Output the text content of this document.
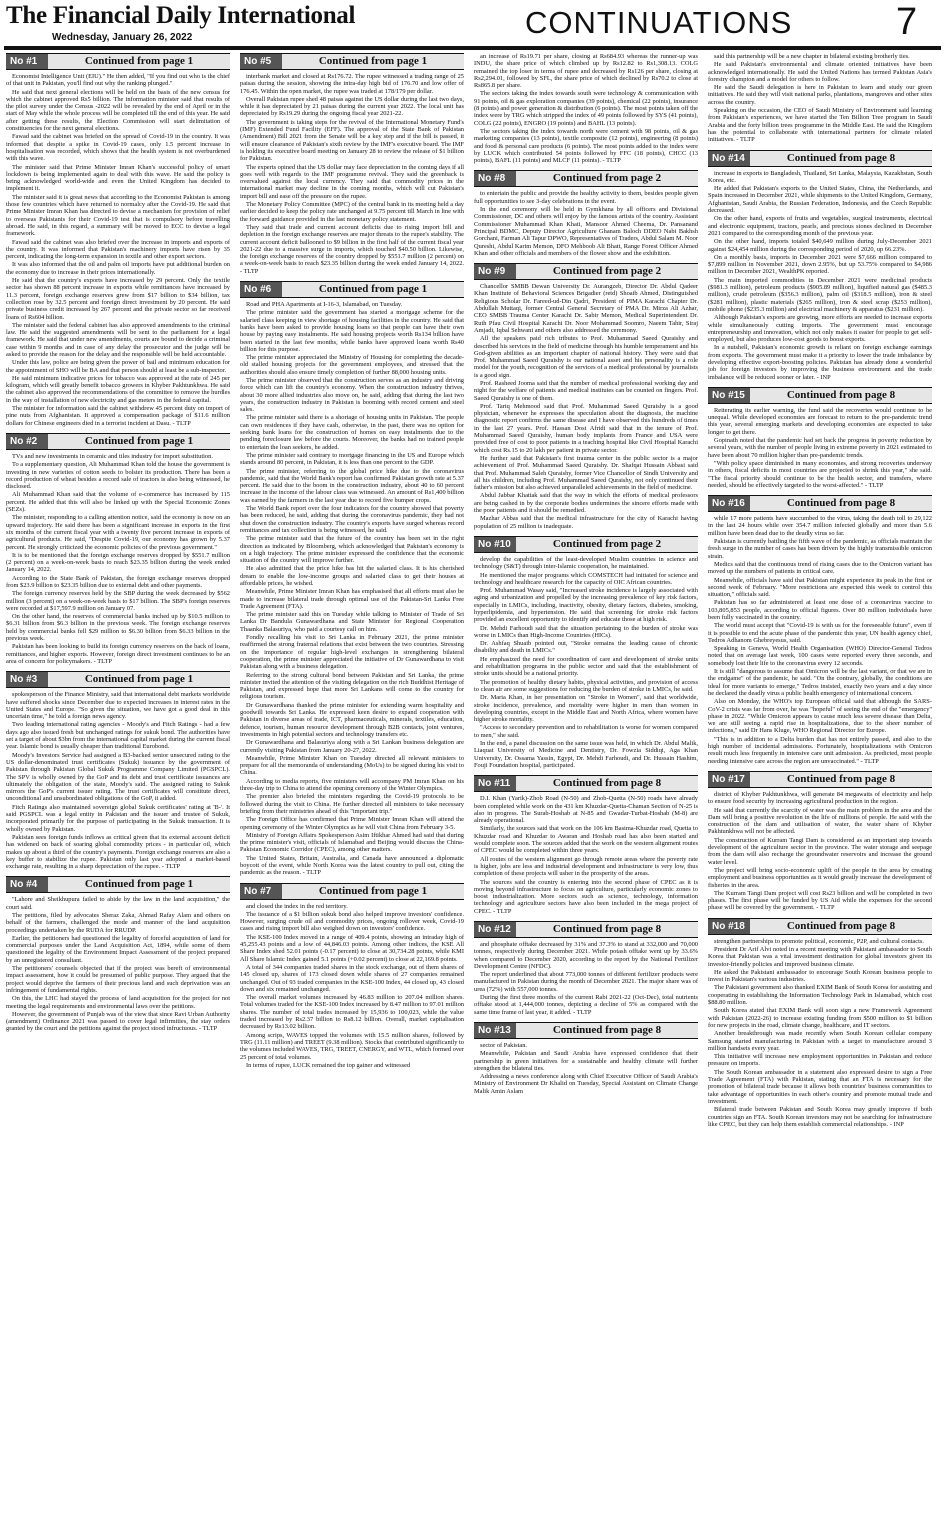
The Financial Daily International
Wednesday, January 26, 2022	CONTINUATIONS	7
No #1	Continued from page 1

Economist Intelligence Unit (EIU)." He then added, "If you find out who is the chief of that unit in Pakistan, you'll find out why the ranking plunged."

He said that next general elections will be held on the basis of the new census for which the cabinet approved Rs5 billion. The information minister said that results of the pilot survey under the Census -2022 will be revealed by the end of April or in the start of May while the whole process will be completed till the end of this year. He said after getting these results, the Election Commission will start delimitation of constituencies for the next general elections.

Fawad said the cabinet was briefed on the spread of Covid-19 in the country. It was informed that despite a spike in Covid-19 cases, only 1.5 percent increase in hospitalisation was recorded, which shows that the health system is not overburdened with this wave.

The minister said that Prime Minister Imran Khan's successful policy of smart lockdown is being implemented again to deal with this wave. He said the policy is being acknowledged world-wide and even the United Kingdom has decided to implement it.

The minister said it is great news that according to the Economist Pakistan is among those few countries which have returned to normalcy after the Covid-19. He said that Prime Minister Imran Khan has directed to devise a mechanism for provision of relief to overseas Pakistanis for their Covid-19 test that is compulsory before travelling abroad. He said, in this regard, a summary will be moved to ECC to devise a legal framework.

Fawad said the cabinet was also briefed over the increase in imports and exports of the country. It was informed that Pakistan's machinery imports have risen by 35 percent, indicating the long-term expansion in textile and other export sectors.

It was also informed that the oil and palm oil imports have put additional burden on the economy due to increase in their prices internationally.

He said that the country's exports have increased by 29 percent. Only the textile sector has shown 88 percent increase in exports while remittances have increased by 11.3 percent, foreign exchange reserves grew from $17 billion to $34 billion, tax collection rose by 32.5 percent and foreign direct investment by 20 percent. He said private business credit increased by 267 percent and the private sector so far received loans of Rs604 billion.

The minister said the federal cabinet has also approved amendments to the criminal law. He said the suggested amendments will be sent to the parliament for a legal framework. He said that under new amendments, courts are bound to decide a criminal case within 9 months and in case of any delay the prosecutor and the judge will be asked to provide the reason for the delay and the responsible will be held accountable.

Under this law, police are being given the power of bail and minimum education for the appointment of SHO will be BA and that person should at least be a sub-inspector.

He said minimum indicative prices for tobacco was approved at the rate of 245 per kilogram, which will greatly benefit tobacco growers in Khyber Pakhtunkhwa. He said the cabinet also approved the recommendations of the committee to remove the hurdles in the way of installation of new electricity and gas meters in the federal capital.

The minister for information said the cabinet withdrew 45 percent duty on import of pine nuts from Afghanistan. It approved a compensation package of $11.6 million dollars for Chinese engineers died in a terrorist incident at Dasu. - TLTP

No #2	Continued from page 1

TVs and new investments in ceramic and tiles industry for import substitution.

To a supplementary question, Ali Muhammad Khan told the house the government is investing in new varieties of cotton seeds to bolster its production. There has been a record production of wheat besides a record sale of tractors is also being witnessed, he disclosed.

Ali Muhammad Khan said that the volume of e-commerce has increased by 115 percent. He added that this will also be linked up with the Special Economic Zones (SEZs).

The minister, responding to a calling attention notice, said the economy is now on an upward trajectory. He said there has been a significant increase in exports in the first six months of the current fiscal year with a twenty five percent increase in exports of agricultural products. He said, "Despite Covid-19, our economy has grown by 5.37 percent. He strongly criticized the economic policies of the previous government."

It is to be mentioned that the foreign exchange reserves dropped by $551.7 million (2 percent) on a week-on-week basis to reach $23.35 billion during the week ended January 14, 2022.

According to the State Bank of Pakistan, the foreign exchange reserves dropped from $23.9 billion to $23.35 billion due to external debt and other payments.

The foreign currency reserves held by the SBP during the week decreased by $562 million (3 percent) on a week-on-week basis to $17 billion. The SBP's foreign reserves were recorded at $17,597.9 million on January 07.

On the other hand, the reserves of commercial banks inched up by $10.5 million to $6.31 billion from $6.3 billion in the previous week. The foreign exchange reserves held by commercial banks fell $29 million to $6.30 billion from $6.33 billion in the previous week.

Pakistan has been looking to build its foreign currency reserves on the back of loans, remittances, and higher exports. However, foreign direct investment continues to be an area of concern for policymakers. - TLTP

No #3	Continued from page 1

spokesperson of the Finance Ministry, said that international debt markets worldwide have suffered shocks since December due to expected increases in interest rates in the United States and Europe. "So given the situation, we have got a good deal in this uncertain time," he told a foreign news agency.

Two leading international rating agencies - Moody's and Fitch Ratings - had a few days ago also issued fresh but unchanged ratings for sukuk bond. The authorities have set a target of about $3bn from the international capital market during the current fiscal year. Islamic bond is usually cheaper than traditional Eurobond.

Moody's Investors Service had assigned a B3-backed senior unsecured rating to the US dollar-denominated trust certificates (Sukuk) issuance by the government of Pakistan through Pakistan Global Sukuk Programme Company Limited (PGSPCL). The SPV is wholly owned by the GoP and its debt and trust certificate issuances are ultimately the obligation of the state, Moody's said. The assigned rating to Sukuk mirrors the GoP's current issuer rating. The trust certificates will constitute direct, unconditional and unsubordinated obligations of the GoP, it added.

Fitch Ratings also maintained sovereign global Sukuk certificates' rating at 'B-'. It said PGSPCL was a legal entity in Pakistan and the issuer and trustee of Sukuk, incorporated primarily for the purpose of participating in the Sukuk transaction. It is wholly owned by Pakistan.

Pakistan sees foreign funds inflows as critical given that its external account deficit has widened on back of soaring global commodity prices - in particular oil, which makes up about a third of the country's payments. Foreign exchange reserves are also a key buffer to stabilize the rupee. Pakistan only last year adopted a market-based exchange rate, resulting in a sharp depreciation of the rupee. - TLTP

No #4	Continued from page 1

"Lahore and Sheikhupura failed to abide by the law in the land acquisition," the court said.

The petitions, filed by advocates Sheraz Zaka, Ahmad Rafay Alam and others on behalf of the farmers, challenged the mode and manner of the land acquisition proceedings undertaken by the RUDA for RRUDP.

Earlier, the petitioners had questioned the legality of forceful acquisition of land for commercial purposes under the Land Acquisition Act, 1894, while some of them questioned the legality of the Environment Impact Assessment of the project prepared by an unregistered consultant.

The petitioners' counsels objected that if the project was bereft of environmental impact assessment, how it could be presumed of public purpose. They argued that the project would deprive the farmers of their precious land and such deprivation was an infringement of fundamental rights.

On this, the LHC had stayed the process of land acquisition for the project for not meeting the legal requirements and environmental laws over the petitions.

However, the government of Punjab was of the view that since Ravi Urban Authority (amendment) Ordinance 2021 was passed to cover legal infirmities, the stay orders granted by the court and the petitions against the project stood infructuous. - TLTP

No #5	Continued from page 1

interbank market and closed at Rs176.72. The rupee witnessed a trading range of 25 paisas during the session, showing the intra-day high bid of 176.70 and low offer of 176.45. Within the open market, the rupee was traded at 178/179 per dollar.

Overall Pakistan rupee shed 48 paisas against the US dollar during the last two days, while it has depreciated by 21 paisas during the current year 2022. The local unit has depreciated by Rs19.29 during the ongoing fiscal year 2021-22.

The government is taking steps for the revival of the International Monetary Fund's (IMF) Extended Fund Facility (EFF). The approval of the State Bank of Pakistan (Amendment) Bill 2021 from the Senate will be a key step and if the bill is passed, it will ensure clearance of Pakistan's sixth review by the IMF's executive board. The IMF is holding its executive board meeting on January 28 to review the release of $1 billion for Pakistan.

The experts opined that the US dollar may face depreciation in the coming days if all goes well with regards to the IMF programme revival. They said the greenback is overvalued against the local currency. They said that commodity prices in the international market may decline in the coming months, which will cut Pakistan's import bill and ease off the pressure on the rupee.

The Monetary Policy Committee (MPC) of the central bank in its meeting held a day earlier decided to keep the policy rate unchanged at 9.75 percent till March in line with the forward guidance provided in the last monetary policy statement.

They said that trade and current account deficits due to rising import bill and depletion in the foreign exchange reserves are major threats to the rupee's stability. The current account deficit ballooned to $9 billion in the first half of the current fiscal year 2021-22 due to a massive surge in imports, which touched $40.50 billion. Likewise, the foreign exchange reserves of the country dropped by $551.7 million (2 percent) on a week-on-week basis to reach $23.35 billion during the week ended January 14, 2022. - TLTP

No #6	Continued from page 1

Road and PHA Apartments at I-16-3, Islamabad, on Tuesday.

The prime minister said the government has started a mortgage scheme for the salaried class keeping in view shortage of housing facilities in the country. He said that banks have been asked to provide housing loans so that people can have their own house by paying easy instalments. He said housing projects worth Rs134 billion have been started in the last few months, while banks have approved loans worth Rs40 billion for this purpose.

The prime minister appreciated the Ministry of Housing for completing the decade-old stalled housing projects for the government employees, and stressed that the authorities should also ensure timely completion of further 88,000 housing units.

The prime minister observed that the construction serves as an industry and driving force which can lift the country's economy. When the construction industry thrives, about 30 more allied industries also move on, he said, adding that during the last two years, the construction industry in Pakistan is booming with record cement and steel sales.

The prime minister said there is a shortage of housing units in Pakistan. The people can own residences if they have cash, otherwise, in the past, there was no option for seeking bank loans for the construction of homes on easy instalments due to the pending foreclosure law before the courts. Moreover, the banks had no trained people to entertain the loan seekers, he added.

The prime minister said contrary to mortgage financing in the US and Europe which stands around 80 percent, in Pakistan, it is less than one percent to the GDP.

The prime minister, referring to the global price hike due to the coronavirus pandemic, said that the World Bank's report has confirmed Pakistan growth rate at 5.37 percent. He said due to the boom in the construction industry, about 40 to 60 percent increase in the income of the labour class was witnessed. An amount of Rs1,400 billion was earned by the farmers in the last year due to record five bumper crops.

The World Bank report over the four indicators for the country showed that poverty has been reduced, he said, adding that during the coronavirus pandemic, they had not shut down the construction industry. The country's exports have surged whereas record remittances and tax collection is being witnessed, he said.

The prime minister said that the future of the country has been set in the right direction as indicated by Bloomberg, which acknowledged that Pakistan's economy is on a high trajectory. The prime minister expressed the confidence that the economic situation of the country will improve further.

He also admitted that the price hike has hit the salaried class. It is his cherished dream to enable the low-income groups and salaried class to get their houses at affordable prices, he wished.

Meanwhile, Prime Minister Imran Khan has emphasised that all efforts must also be made to increase bilateral trade through optimal use of the Pakistan-Sri Lanka Free Trade Agreement (FTA).

The prime minister said this on Tuesday while talking to Minister of Trade of Sri Lanka Dr Bandula Gunawardhana and State Minister for Regional Cooperation Thaanka Balasuriya, who paid a courtesy call on him.

Fondly recalling his visit to Sri Lanka in February 2021, the prime minister reaffirmed the strong fraternal relations that exist between the two countries. Stressing on the importance of regular high-level exchanges in strengthening bilateral cooperation, the prime minister appreciated the initiative of Dr Gunawardhana to visit Pakistan along with a business delegation.

Referring to the strong cultural bond between Pakistan and Sri Lanka, the prime minister invited the attention of the visiting delegation on the rich Buddhist Heritage of Pakistan, and expressed hope that more Sri Lankans will come to the country for religious tourism.

Dr Gunawardhana thanked the prime minister for extending warm hospitality and goodwill towards Sri Lanka. He expressed keen desire to expand cooperation with Pakistan in diverse areas of trade, ICT, pharmaceuticals, minerals, textiles, education, defence, tourism, human resource development through B2B contacts, joint ventures, investments in high potential sectors and technology transfers etc.

Dr Gunawardhana and Balasuriya along with a Sri Lankan business delegation are currently visiting Pakistan from January 20-27, 2022.

Meanwhile, Prime Minister Khan on Tuesday directed all relevant ministers to prepare for all the memoranda of understanding (MoUs) to be signed during his visit to China.

According to media reports, five ministers will accompany PM Imran Khan on his three-day trip to China to attend the opening ceremony of the Winter Olympics.

The premier also briefed the ministers regarding the Covid-19 protocols to be followed during the visit to China. He further directed all ministers to take necessary briefing from their ministries ahead of this "important trip."

The Foreign Office has confirmed that Prime Minister Imran Khan will attend the opening ceremony of the Winter Olympics as he will visit China from February 3-5.

Ministry of Foreign Affairs Spokesperson Asim Iftikhar Ahmed had said that during the prime minister's visit, officials of Islamabad and Beijing would discuss the China-Pakistan Economic Corridor (CPEC), among other matters.

The United States, Britain, Australia, and Canada have announced a diplomatic boycott of the event, while North Korea was the latest country to pull out, citing the pandemic as the reason. - TLTP

No #7	Continued from page 1

and closed the index in the red territory.

The issuance of a $1 billion sukuk bond also helped improve investors' confidence. However, surging crude oil and commodity prices, ongoing rollover week, Covid-19 cases and rising import bill also weighed down on investors' confidence.

The KSE-100 Index moved in a range of 409.4 points, showing an intraday high of 45,255.43 points and a low of 44,846.03 points. Among other indices, the KSE All Share Index shed 52.01 points (-0.17 percent) to close at 30,734.28 points, while KMI All Share Islamic Index gained 5.1 points (+0.02 percent) to close at 22,169.8 points.

A total of 344 companies traded shares in the stock exchange, out of them shares of 145 closed up, shares of 173 closed down while shares of 27 companies remained unchanged. Out of 93 traded companies in the KSE-100 Index, 44 closed up, 43 closed down and six remained unchanged.

The overall market volumes increased by 46.83 million to 207.04 million shares. Total volumes traded for the KSE-100 Index increased by 8.47 million to 97.01 million shares. The number of total trades increased by 15,936 to 100,023, while the value traded increased by Rs2.37 billion to Rs8.12 billion. Overall, market capitalisation decreased by Rs13.02 billion.

Among scrips, WAVES topped the volumes with 15.5 million shares, followed by TRG (11.11 million) and TREET (9.38 million). Stocks that contributed significantly to the volumes included WAVES, TRG, TREET, CNERGY, and WTL, which formed over 25 percent of total volumes.

In terms of rupee, LUCK remained the top gainer and witnessed

an increase of Rs19.71 per share, closing at Rs684.93 whereas the runner-up was INDU, the share price of which climbed up by Rs12.82 to Rs1,308.13. COLG remained the top loser in terms of rupee and decreased by Rs126 per share, closing at Rs2,294.01, followed by SFL, the share price of which declined by Rs70.2 to close at Rs865.8 per share.

The sectors taking the index towards south were technology & communication with 91 points, oil & gas exploration companies (39 points), chemical (22 points), insurance (8 points) and power generation & distribution (6 points). The most points taken off the index were by TRG which stripped the index of 49 points followed by SYS (41 points), COLG (22 points), ENGRO (19 points) and BAHL (13 points).

The sectors taking the index towards north were cement with 98 points, oil & gas marketing companies (13 points), textile composite (12 points), engineering (8 points) and food & personal care products (6 points). The most points added to the index were by LUCK which contributed 54 points followed by FFC (18 points), CHCC (13 points), BAFL (11 points) and MLCF (11 points). - TLTP

No #8	Continued from page 2

to entertain the public and provide the healthy activity to them, besides people given full opportunities to see 3-day celebrations in the event.

In the end ceremony will be held in Gymkhana by all officers and Divisional Commissioner, DC and others will enjoy by the famous artists of the country. Assistant Commissioner Muhammad Khan Khati, Mansoor Ahmed Cheema, Dr. Pansanand Principal BDMC, Deputy Director Agriculture Ghanam Baloch DDEO Nabi Bakhsh Gorchani, Farman Ali Tapur DPWO, Representatives of Traders, Abdul Salam M. Noor Qureshi, Abdul Karim Memon, DFO Mehboob Ali Bhatt, Range Forest Officer Ahmed Khan and other officials and members of the flower show and the exhibition.

No #9	Continued from page 2

Chancellor SMBB Dewan University Dr. Aurangzeb, Director Dr. Abdul Qadeer Khan Institute of Behavioral Sciences Brigadier (retd) Shoaib Ahmed, Distinguished Religious Scholar Dr. Fareed-ud-Din Qadri, President of PIMA Karachi Chapter Dr. Abdullah Muttaqi, former Central General Secretary of PMA Dr. Mirza Ali Azhar, CEO SMBB Trauma Center Karachi Dr. Sabir Memon, Medical Superintendent Dr. Ruth Pfau Civil Hospital Karachi Dr. Noor Mohammad Soomro, Naeem Tahir, Siraj Amjadi, Iqbal Sehwani and others also addressed the ceremony.

All the speakers paid rich tributes to Prof. Muhammad Saeed Quraishy and described his services in the field of medicine through his humble temperament and his God-given abilities as an important chapter of national history. They were said that Prof. Muhammad Saeed Quraishy is our national asset and his personality is a role model for the youth, recognition of the services of a medical professional by journalists is a good sign.

Prof. Rasheed Jooma said that the number of medical professional working day and night for the welfare of patients and medical institutes can be counted on fingers. Prof. Saeed Quraishy is one of them.

Prof. Tariq Mehmood said that Prof. Muhammad Saeed Quraishy is a good physician, whenever he expresses the speculation about the diagnosis, the machine diagnostic report confirms the same disease and I have observed this hundreds of times in the last 27 years. Prof. Hassan Dost Afridi said that in the tenure of Prof. Muhammad Saeed Quraishy, human body implants from France and USA were provided free of cost to poor patients in a teaching hospital like Civil Hospital Karachi which cost Rs.15 to 20 lakh per patient in private sector.

He further said that Pakistan's first trauma center in the public sector is a major achievement of Prof. Muhammad Saeed Quraishy. Dr. Shafqat Hussain Abbasi said that Prof. Muhammad Saleh Quraishy, former Vice Chancellor of Sindh University and all his children, including Prof. Muhammad Saeed Quraishy, not only continued their father's mission but also achieved unparalleled achievements in the field of medicine.

Abdul Jabbar Khattak said that the way in which the efforts of medical professors are being cashed in by the corporate bodies undermines the sincere efforts made with the poor patients and it should be remedied.

Mazhar Abbas said that the medical infrastructure for the city of Karachi having population of 25 million is inadequate.

No #10	Continued from page 2

develop the capabilities of the least-developed Muslim countries in science and technology (S&T) through inter-Islamic cooperation, he maintained.

He mentioned the major programs which COMSTECH had initiated for science and technology and healthcare research for the capacity of OIC African countries.

Prof. Muhammad Wasay said, "Increased stroke incidence is largely associated with aging and urbanization and propelled by the increasing prevalence of key risk factors, especially in LMICs, including, inactivity, obesity, dietary factors, diabetes, smoking, hyperlipidemia, and hypertension. He said that screening for stroke risk factors provided an excellent opportunity to identify and educate those at high risk.

Dr. Mehdi Farhoudi said that the situation pertaining to the burden of stroke was worse in LMICs than High-Income Countries (HICs).

Dr. Ashfaq Shuaib pointed out, "Stroke remains the leading cause of chronic disability and death in LMICs."

He emphasized the need for coordination of care and development of stroke units and rehabilitation programs in the public sector and said that the establishment of stroke units should be a national priority.

The promotion of healthy dietary habits, physical activities, and provision of access to clean air are some suggestions for reducing the burden of stroke in LMICs, he said.

Dr. Maria Khan, in her presentation on "Stroke in Women", said that worldwide, stroke incidence, prevalence, and mortality were higher in men than women in developing countries, except in the Middle East and North Africa, where women have higher stroke mortality.

"Access to secondary prevention and to rehabilitation is worse for women compared to men," she said.

In the end, a panel discussion on the same issue was held, in which Dr. Abdul Malik, Liaquat University of Medicine and Dentistry, Dr. Fowzia Siddiqi, Aga Khan University, Dr. Ossama Yassin, Egypt, Dr. Mehdi Farhoudi, and Dr. Hussain Hashim, Fouji Foundation hospital, participated.

No #11	Continued from page 8

D.I. Khan (Yarik)-Zhob Road (N-50) and Zhob-Quetta (N-50) roads have already been completed while work on the 431 km Khuzdar-Quetta-Chaman Section of N-25 is also in progress. The Surab-Hoshab at N-85 and Gwadar-Turbat-Hoshab (M-8) are already operational.

Similarly, the sources said that work on the 106 km Basima-Khuzdar road, Quetta to Khuzdar road and Khuzdar to Awaran and Hoshab road has also been started and would complete soon. The sources added that the work on the western alignment routes of CPEC would be completed within three years.

All routes of the western alignment go through remote areas where the poverty rate is higher, jobs are less and industrial development and infrastructure is very low, thus completion of these projects will usher in the prosperity of the areas.

The sources said the country is entering into the second phase of CPEC as it is moving beyond infrastructure to focus on agriculture, particularly economic zones to boost industrialization. More sectors such as science, technology, information technology and agriculture sectors have also been included in the mega project of CPEC. - TLTP

No #12	Continued from page 8

and phosphate offtake decreased by 31% and 37.3% to stand at 332,000 and 70,000 tonnes, respectively during December 2021. While potash offtake went up by 33.6% when compared to December 2020, according to the report by the National Fertilizer Development Centre (NFDC).

The report underlined that about 773,000 tonnes of different fertilizer products were manufactured in Pakistan during the month of December 2021. The major share was of urea (72%) with 557,000 tonnes.

During the first three months of the current Rabi 2021-22 (Oct-Dec), total nutrients offtake stood at 1,444,000 tonnes, depicting a decline of 5% as compared with the same time frame of last year, it added. - TLTP

No #13	Continued from page 8

sector of Pakistan.

Meanwhile, Pakistan and Saudi Arabia have expressed confidence that their partnership in green initiatives for a sustainable and healthy climate will further strengthen the bilateral ties.

Addressing a news conference along with Chief Executive Officer of Saudi Arabia's Ministry of Environment Dr Khalid on Tuesday, Special Assistant on Climate Change Malik Amin Aslam

said this partnership will be a new chapter in bilateral existing brotherly ties.

He said Pakistan's environmental and climate oriented initiatives have been acknowledged internationally. He said the United Nations has termed Pakistan Asia's forestry champion and a model for others to follow.

He said the Saudi delegation is here in Pakistan to learn and study our green initiatives. He said they will visit national parks, plantations, mangroves and other sites across the country.

Speaking on the occasion, the CEO of Saudi Ministry of Environment said learning from Pakistan's experiences, we have started the Ten Billion Tree program in Saudi Arabia and the forty billion trees programme in the Middle East. He said the Kingdom has the potential to collaborate with international partners for climate related initiatives. - TLTP

No #14	Continued from page 8

increase in exports to Bangladesh, Thailand, Sri Lanka, Malaysia, Kazakhstan, South Korea, etc.

He added that Pakistan's exports to the United States, China, the Netherlands, and Spain increased in December 2021, while shipments to the United Kingdom, Germany, Afghanistan, Saudi Arabia, the Russian Federation, Indonesia, and the Czech Republic decreased.

On the other hand, exports of fruits and vegetables, surgical instruments, electrical and electronic equipment, tractors, pearls, and precious stones declined in December 2021 compared to the corresponding month of the previous year.

On the other hand, imports totaled $40,649 million during July-December 2021 against $24,454 million during the corresponding period of 2020, up 66.23%.

On a monthly basis, imports in December 2021 were $7,666 million compared to $7,899 million in November 2021, down 2.95%, but up 53.75% compared to $4,986 million in December 2021, WealthPK reported.

The main imported commodities in December 2021 were medicinal products ($981.3 million), petroleum products ($905.89 million), liquified natural gas ($485.3 million), crude petroleum ($356.3 million), palm oil ($318.5 million), iron & steel ($281 million), plastic materials ($265 million), iron & steel scrap ($253 million), mobile phone ($235.3 million) and electrical machinery & apparatus ($231 million).

Although Pakistan's exports are growing, more efforts are needed to increase exports while simultaneously cutting imports. The government must encourage entrepreneurship and innovation, which not only makes it easier for people to get self-employed, but also produces low-cost goods to boost exports.

In a nutshell, Pakistan's economic growth is reliant on foreign exchange earnings from exports. The government must make it a priority to lower the trade imbalance by developing effective export-boosting policies. Pakistan has already done a wonderful job for foreign investors by improving the business environment and the trade imbalance will be reduced sooner or later. - INP

No #15	Continued from page 8

Reiterating its earlier warning, the fund said the recoveries would continue to be unequal. While developed economies are forecast to return to the pre-pandemic trend this year, several emerging markets and developing economies are expected to take longer to get there.

Gopinath noted that the pandemic had set back the progress in poverty reduction by several years, with the number of people living in extreme poverty in 2021 estimated to have been about 70 million higher than pre-pandemic trends.

"With policy space diminished in many economies, and strong recoveries underway in others, fiscal deficits in most countries are projected to shrink this year," she said. "The fiscal priority should continue to be the health sector, and transfers, where needed, should be effectively targeted to the worst-affected." - TLTP

No #16	Continued from page 8

while 17 more patients have succumbed to the virus, taking the death toll to 29,122 in the last 24 hours while over 354.7 million infected globally and more than 5.6 million have been dead due to the deadly virus so far.

Pakistan is currently battling the fifth wave of the pandemic, as officials maintain the fresh surge in the number of cases has been driven by the highly transmissible omicron strain.

Medics said that the continuous trend of rising cases due to the Omicron variant has moved up the numbers of patients in critical care.

Meanwhile, officials have said that Pakistan might experience its peak in the first or second week of February. "More restrictions are expected this week to control this situation," officials said.

Pakistan has so far administered at least one dose of a coronavirus vaccine to 103,805,853 people, according to official figures. Over 80 million individuals have been fully vaccinated in the country.

The world must accept that "Covid-19 is with us for the foreseeable future", even if it is possible to end the acute phase of the pandemic this year, UN health agency chief, Tedros Adhanom Ghebreyesus, said.

Speaking in Geneva, World Health Organisation (WHO) Director-General Tedros noted that on average last week, 100 cases were reported every three seconds, and somebody lost their life to the coronavirus every 12 seconds.

It is still "dangerous to assume that Omicron will be the last variant, or that we are in the endgame" of the pandemic, he said. "On the contrary, globally, the conditions are ideal for more variants to emerge," Tedros insisted, exactly two years and a day since he declared the deadly virus a public health emergency of international concern.

Also on Monday, the WHO's top European official said that although the SARS-CoV-2 crisis was far from over, he was "hopeful" of seeing the end of the "emergency" phase in 2022. "While Omicron appears to cause much less severe disease than Delta, we are still seeing a rapid rise in hospitalizations, due to the sheer number of infections," said Dr Hans Kluge, WHO Regional Director for Europe.

"This is in addition to a Delta burden that has not entirely passed, and also to the high number of incidental admissions. Fortunately, hospitalizations with Omicron result much less frequently in intensive care unit admission. As predicted, most people needing intensive care across the region are unvaccinated." - TLTP

No #17	Continued from page 8

district of Khyber Pakhtunkhwa, will generate 84 megawatts of electricity and help to ensure food security by increasing agricultural production in the region.

He said that currently the scarcity of water was the main problem in the area and the Dam will bring a positive revolution in the life of millions of people. He said with the construction of the dam and utilisation of water, the water share of Khyber Pakhtunkhwa will not be affected.

The construction of Kurram Tangi Dam is considered as an important step towards development of the agriculture sector in the province. The water storage and seepage from the dam will also recharge the groundwater reservoirs and increase the ground water level.

The project will bring socio-economic uplift of the people in the area by creating employment and business opportunities as it would greatly increase the development of fisheries in the area.

The Kurram Tangi Dam project will cost Rs23 billion and will be completed in two phases. The first phase will be funded by US Aid while the expenses for the second phase will be covered by the government. - TLTP

No #18	Continued from page 8

strengthen partnerships to promote political, economic, P2P, and cultural contacts.

President Dr Arif Alvi noted in a recent meeting with Pakistani ambassador to South Korea that Pakistan was a vital investment destination for global investors given its investor-friendly policies and improved business climate.

He asked the Pakistani ambassador to encourage South Korean business people to invest in Pakistan's various industries.

The Pakistani government also thanked EXIM Bank of South Korea for assisting and cooperating in establishing the Information Technology Park in Islamabad, which cost $88.80 million.

South Korea stated that EXIM Bank will soon sign a new Framework Agreement with Pakistan (2022-26) to increase existing funding from $500 million to $1 billion for new projects in the road, climate change, healthcare, and IT sectors.

Another breakthrough was made recently when South Korean cellular company Samsung started manufacturing in Pakistan with a target to manufacture around 3 million handsets every year.

This initiative will increase new employment opportunities in Pakistan and reduce pressure on imports.

The South Korean ambassador in a statement also expressed desire to sign a Free Trade Agreement (FTA) with Pakistan, stating that an FTA is necessary for the promotion of bilateral trade because it allows both countries' business communities to take advantage of opportunities in each other's country and promote mutual trade and investment.

Bilateral trade between Pakistan and South Korea may greatly improve if both countries sign an FTA. South Korean investors may not be searching for infrastructure like CPEC, but they can help them establish commercial relationships. - INP
